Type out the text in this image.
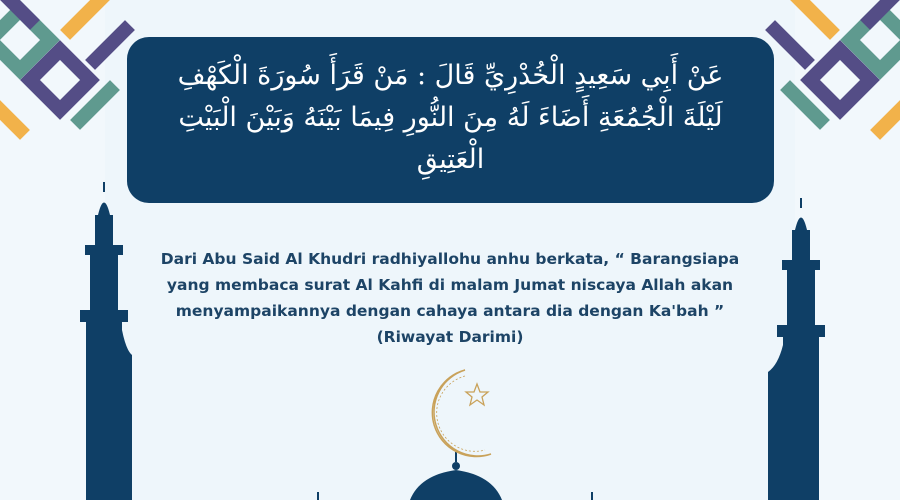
عَنْ أَبِي سَعِيدٍ الْخُدْرِيِّ قَالَ : مَنْ قَرَأَ سُورَةَ الْكَهْفِ لَيْلَةَ الْجُمُعَةِ أَضَاءَ لَهُ مِنَ النُّورِ فِيمَا بَيْنَهُ وَبَيْنَ الْبَيْتِ الْعَتِيقِ
Dari Abu Said Al Khudri radhiyallohu anhu berkata, “ Barangsiapa yang membaca surat Al Kahfi di malam Jumat niscaya Allah akan menyampaikannya dengan cahaya antara dia dengan Ka'bah ” (Riwayat Darimi)
